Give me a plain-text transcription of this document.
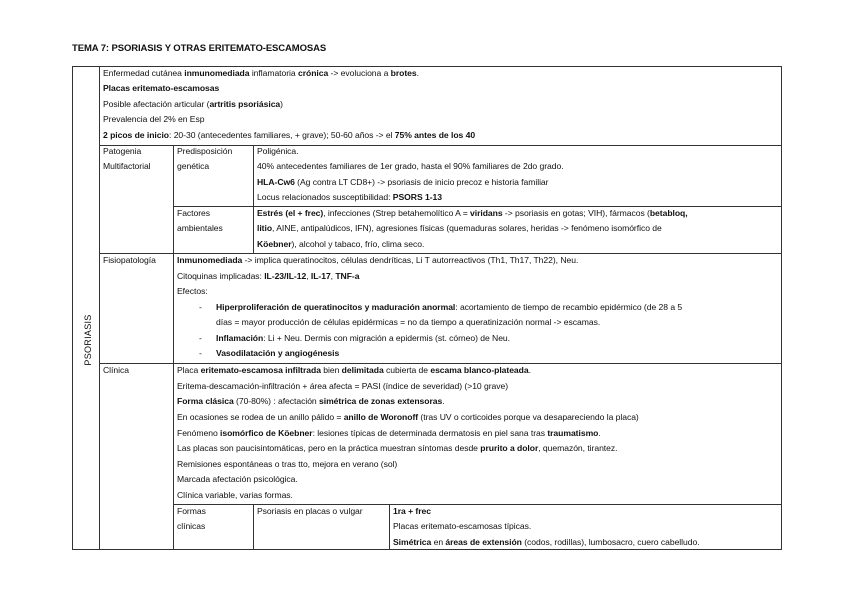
TEMA 7: PSORIASIS Y OTRAS ERITEMATO-ESCAMOSAS
PSORIASIS
Enfermedad cutánea inmunomediada inflamatoria crónica -> evoluciona a brotes.
Placas eritemato-escamosas
Posible afectación articular (artritis psoriásica)
Prevalencia del 2% en Esp
2 picos de inicio: 20-30 (antecedentes familiares, + grave); 50-60 años -> el 75% antes de los 40
Patogenia
Multifactorial
Predisposición
genética
Poligénica.
40% antecedentes familiares de 1er grado, hasta el 90% familiares de 2do grado.
HLA-Cw6 (Ag contra LT CD8+) -> psoriasis de inicio precoz e historia familiar
Locus relacionados susceptibilidad: PSORS 1-13
Factores
ambientales
Estrés (el + frec), infecciones (Strep betahemolítico A = viridans -> psoriasis en gotas; VIH), fármacos (betabloq,
litio, AINE, antipalúdicos, IFN), agresiones físicas (quemaduras solares, heridas -> fenómeno isomórfico de
Köebner), alcohol y tabaco, frío, clima seco.
Fisiopatología Inmunomediada -> implica queratinocitos, células dendríticas, Li T autorreactivos (Th1, Th17, Th22), Neu.
Citoquinas implicadas: IL-23/IL-12, IL-17, TNF-a
Efectos:
- Hiperproliferación de queratinocitos y maduración anormal: acortamiento de tiempo de recambio epidérmico (de 28 a 5
días = mayor producción de células epidérmicas = no da tiempo a queratinización normal -> escamas.
- Inflamación: Li + Neu. Dermis con migración a epidermis (st. córneo) de Neu.
- Vasodilatación y angiogénesis
Clínica	Placa eritemato-escamosa infiltrada bien delimitada cubierta de escama blanco-plateada.
Eritema-descamación-infiltración + área afecta = PASI (índice de severidad) (>10 grave)
Forma clásica (70-80%) : afectación simétrica de zonas extensoras.
En ocasiones se rodea de un anillo pálido = anillo de Woronoff (tras UV o corticoides porque va desapareciendo la placa)
Fenómeno isomórfico de Köebner: lesiones típicas de determinada dermatosis en piel sana tras traumatismo.
Las placas son paucisintomáticas, pero en la práctica muestran síntomas desde prurito a dolor, quemazón, tirantez.
Remisiones espontáneas o tras tto, mejora en verano (sol)
Marcada afectación psicológica.
Clínica variable, varias formas.
Formas
clínicas
Psoriasis en placas o vulgar	1ra + frec
Placas eritemato-escamosas típicas.
Simétrica en áreas de extensión (codos, rodillas), lumbosacro, cuero cabelludo.
